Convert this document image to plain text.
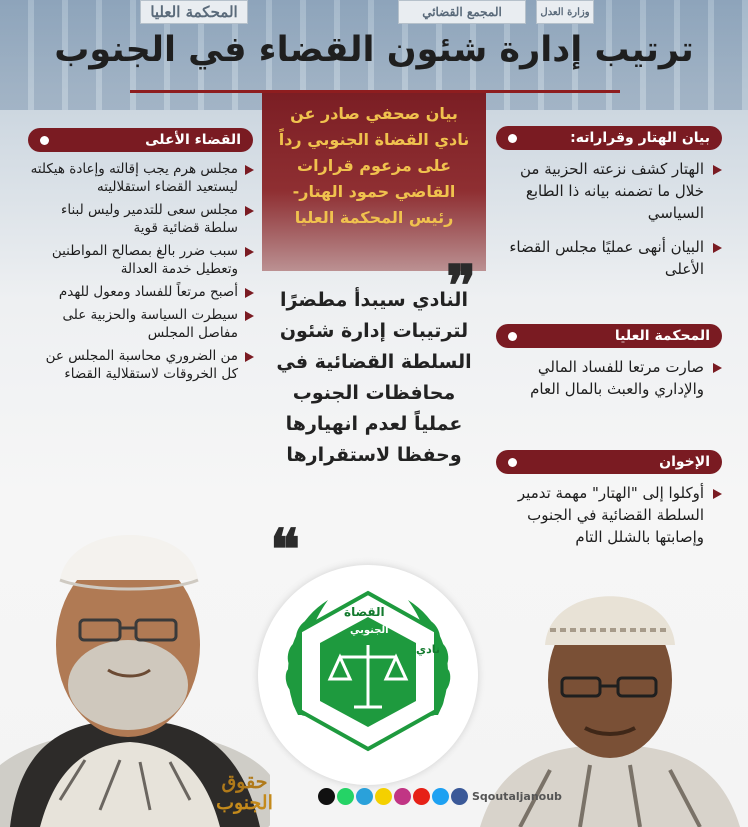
المحكمة العليا	المجمع القضائي	وزارة العدل
ترتيب إدارة شئون القضاء في الجنوب
بيان صحفي صادر عن نادي القضاة الجنوبي رداً على مزعوم قرارات القاضي حمود الهتار- رئيس المحكمة العليا
القضاء الأعلى
مجلس هرم يجب إقالته وإعادة هيكلته ليستعيد القضاء استقلاليته
مجلس سعى للتدمير وليس لبناء سلطة قضائية قوية
سبب ضرر بالغ بمصالح المواطنين وتعطيل خدمة العدالة
أصبح مرتعاً للفساد ومعول للهدم
سيطرت السياسة والحزبية على مفاصل المجلس
من الضروري محاسبة المجلس عن كل الخروقات لاستقلالية القضاء
بيان الهتار وقراراته:
الهتار كشف نزعته الحزبية من خلال ما تضمنه بيانه ذا الطابع السياسي
البيان أنهى عمليًا مجلس القضاء الأعلى
المحكمة العليا
صارت مرتعا للفساد المالي والإداري والعبث بالمال العام
الإخوان
أوكلوا إلى "الهتار" مهمة تدمير السلطة القضائية في الجنوب وإصابتها بالشلل التام
❞
النادي سيبدأ مطضرًا لترتيبات إدارة شئون السلطة القضائية في محافظات الجنوب عملياً لعدم انهيارها وحفظا لاستقرارها
❝
القضاة
الجنوبي
نادي
حقوق
الجنوب	Sqoutaljanoub
